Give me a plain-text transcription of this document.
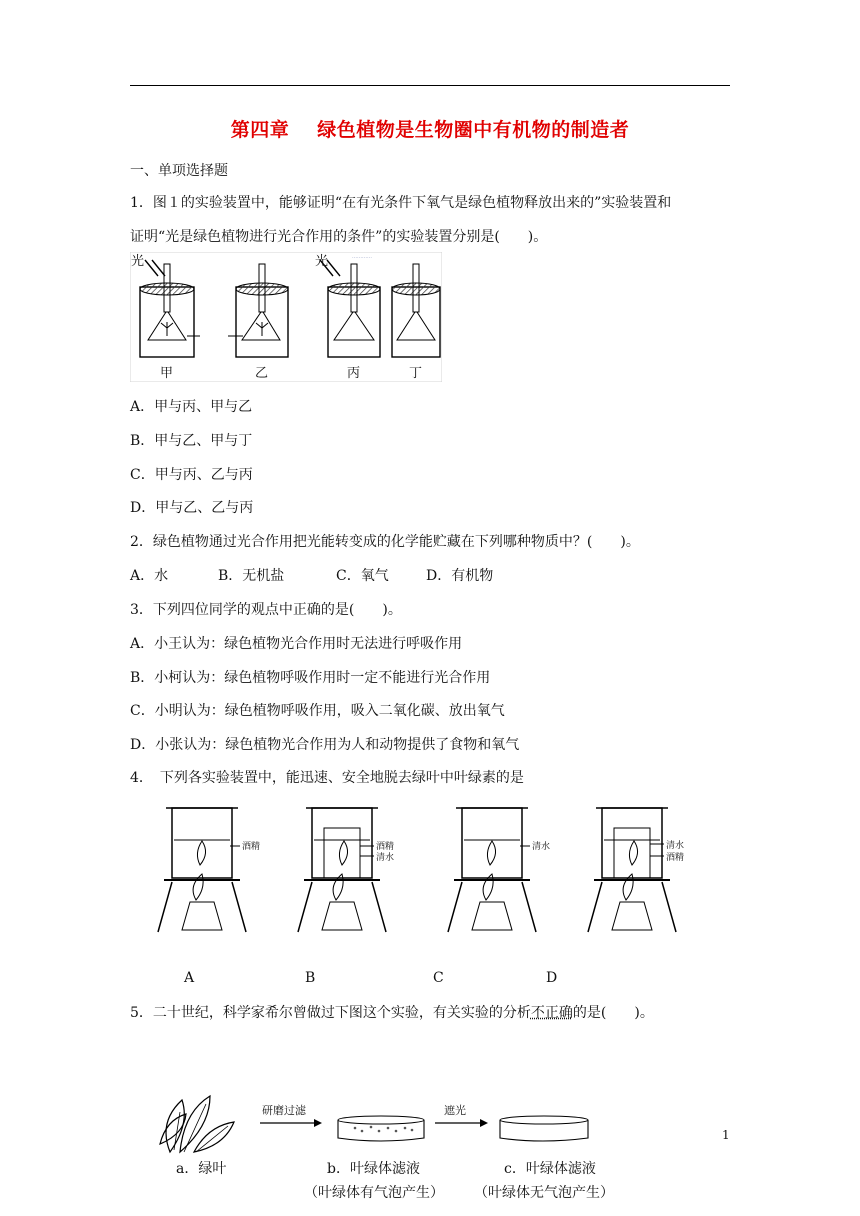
第四章 绿色植物是生物圈中有机物的制造者
一、单项选择题
1．图１的实验装置中，能够证明“在有光条件下氧气是绿色植物释放出来的”实验装置和
证明“光是绿色植物进行光合作用的条件”的实验装置分别是(　　)。
…………
光	光
甲	乙	丙	丁
A．甲与丙、甲与乙
B．甲与乙、甲与丁
C．甲与丙、乙与丙
D．甲与乙、乙与丙
2．绿色植物通过光合作用把光能转变成的化学能贮藏在下列哪种物质中？(　　)。
A．水	B．无机盐	C．氧气	D．有机物
3．下列四位同学的观点中正确的是(　　)。
A．小王认为：绿色植物光合作用时无法进行呼吸作用
B．小柯认为：绿色植物呼吸作用时一定不能进行光合作用
C．小明认为：绿色植物呼吸作用，吸入二氧化碳、放出氧气
D．小张认为：绿色植物光合作用为人和动物提供了食物和氧气
4．　下列各实验装置中，能迅速、安全地脱去绿叶中叶绿素的是
酒精	酒精
清水
清水	清水
酒精
A	B	C	D
5．二十世纪，科学家希尔曾做过下图这个实验，有关实验的分析不正确的是(　　)。
研磨过滤	遮光
1
a．绿叶	b．叶绿体滤液	c．叶绿体滤液
（叶绿体有气泡产生） （叶绿体无气泡产生）
